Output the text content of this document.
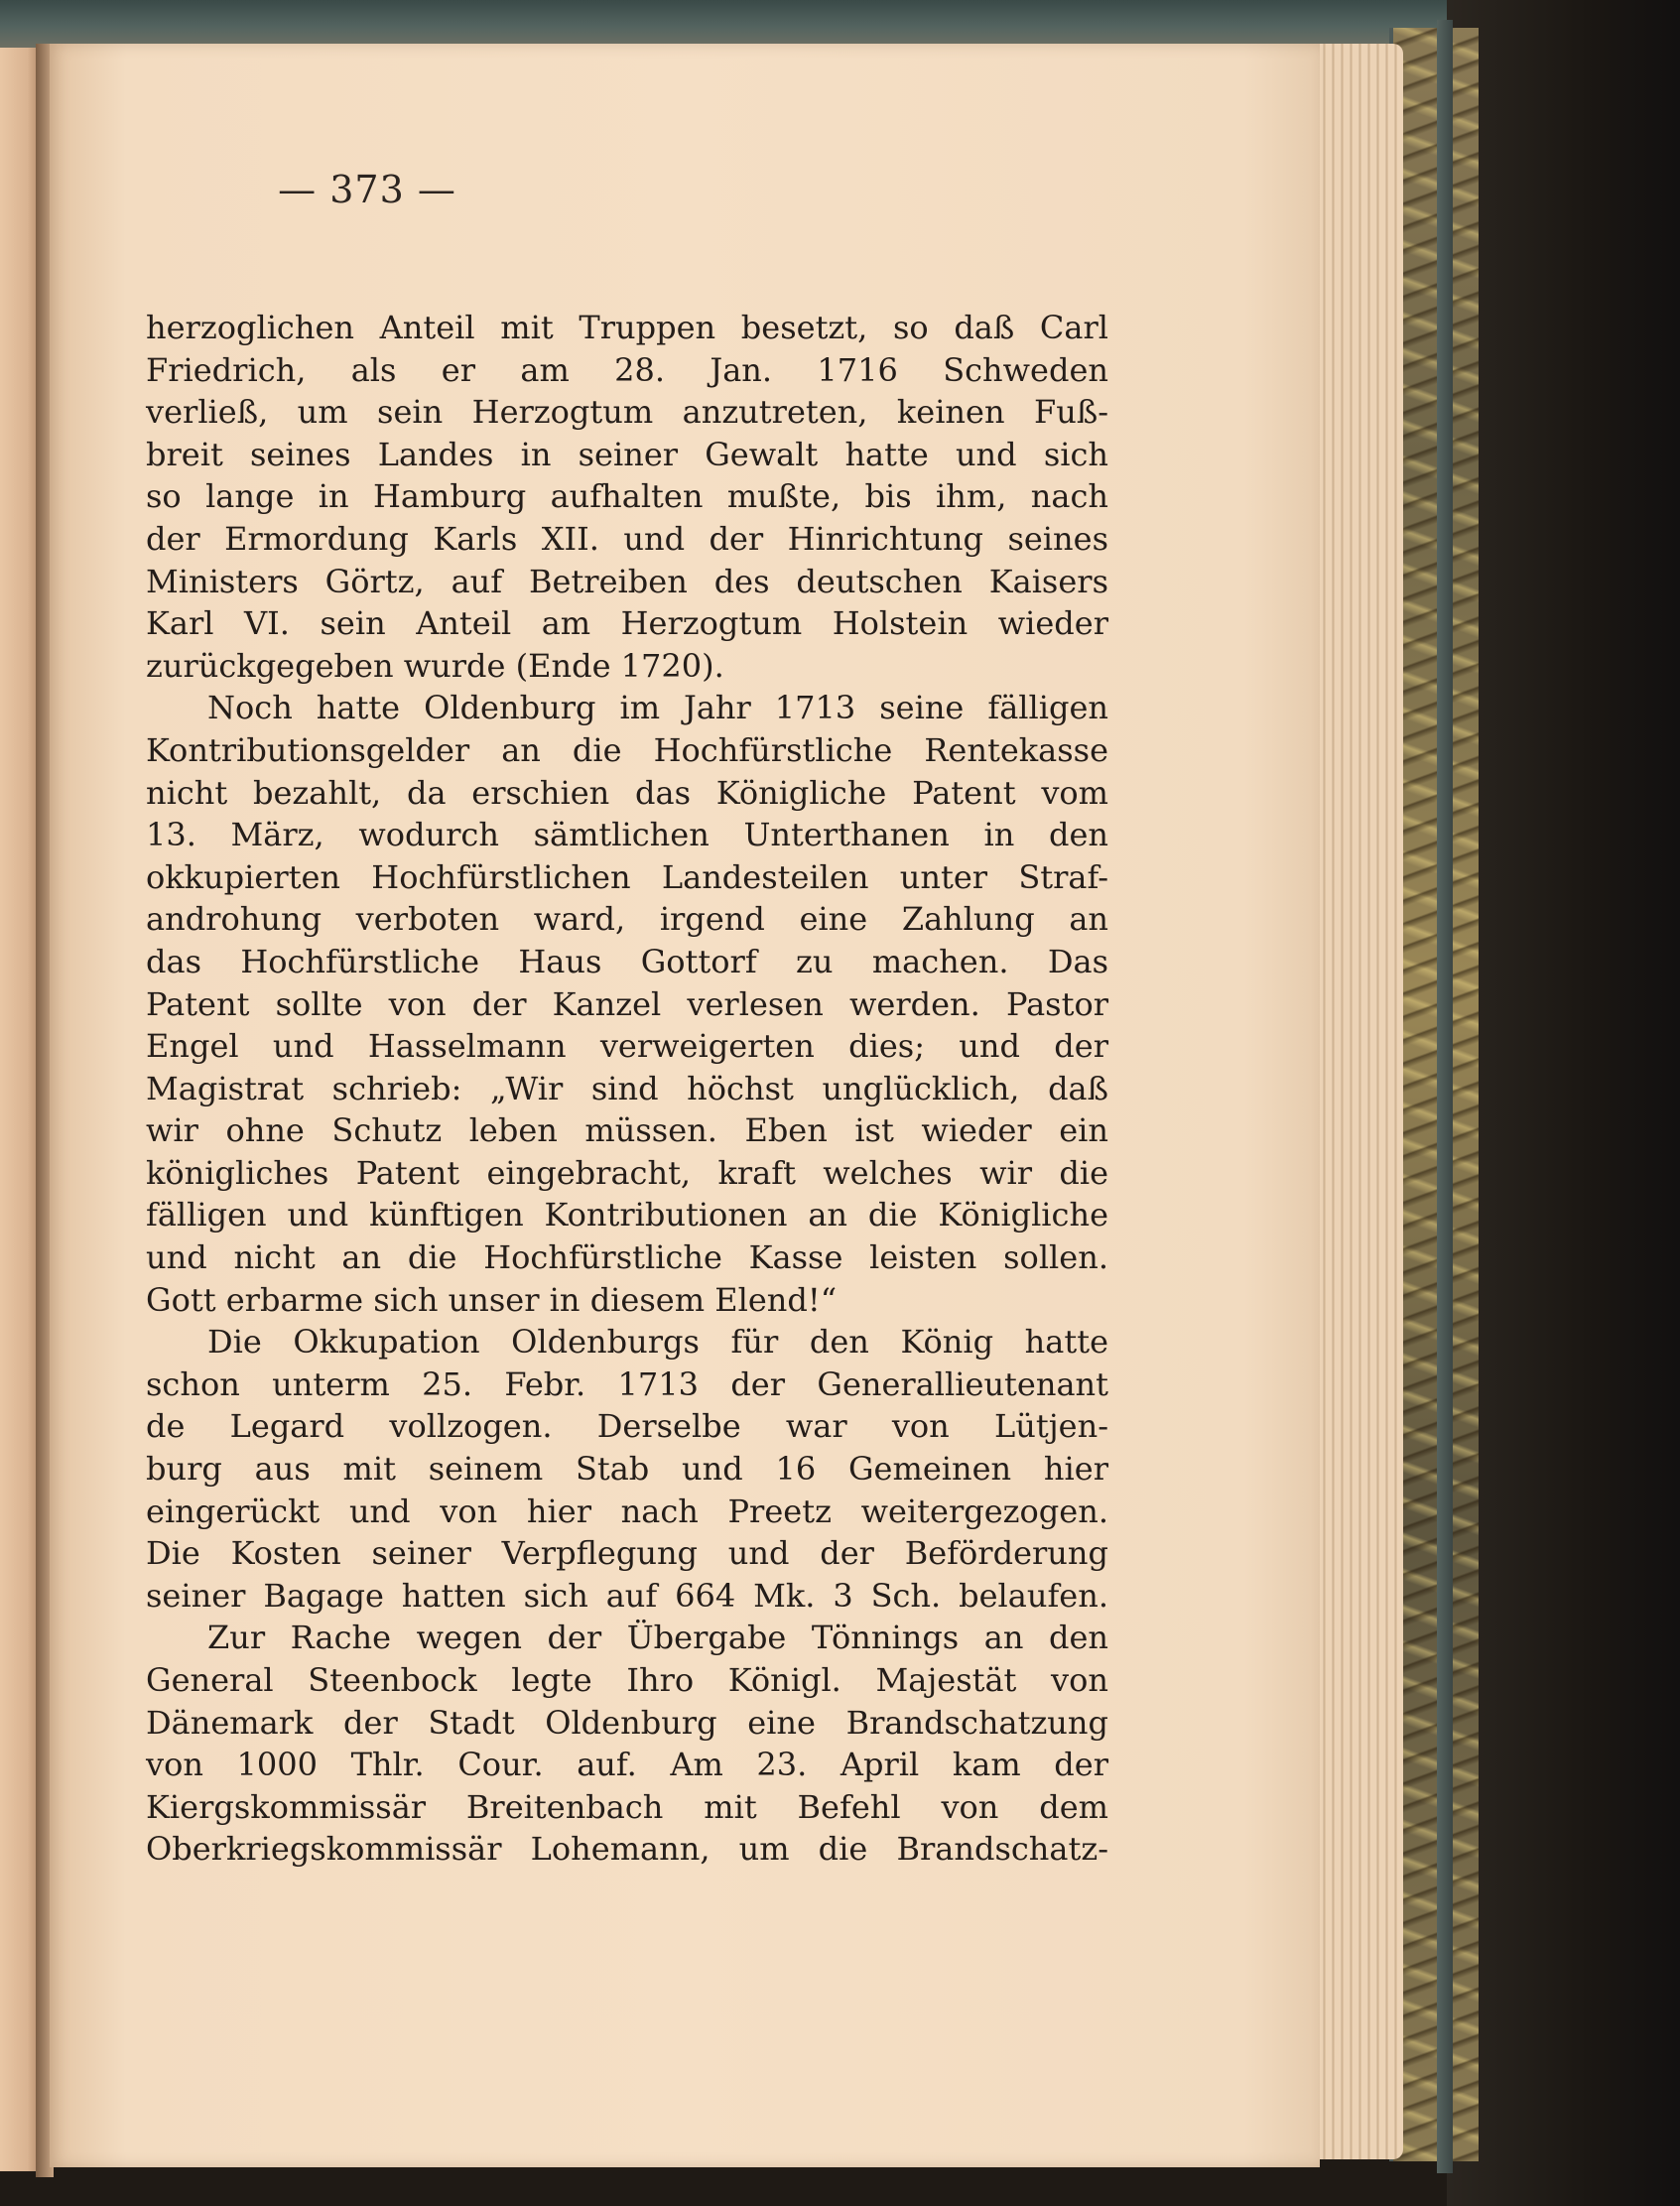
— 373 —
herzoglichen Anteil mit Truppen besetzt, so daß Carl
Friedrich, als er am 28. Jan. 1716 Schweden
verließ, um sein Herzogtum anzutreten, keinen Fuß-
breit seines Landes in seiner Gewalt hatte und sich
so lange in Hamburg aufhalten mußte, bis ihm, nach
der Ermordung Karls XII. und der Hinrichtung seines
Ministers Görtz, auf Betreiben des deutschen Kaisers
Karl VI. sein Anteil am Herzogtum Holstein wieder
zurückgegeben wurde (Ende 1720).
Noch hatte Oldenburg im Jahr 1713 seine fälligen
Kontributionsgelder an die Hochfürstliche Rentekasse
nicht bezahlt, da erschien das Königliche Patent vom
13. März, wodurch sämtlichen Unterthanen in den
okkupierten Hochfürstlichen Landesteilen unter Straf-
androhung verboten ward, irgend eine Zahlung an
das Hochfürstliche Haus Gottorf zu machen. Das
Patent sollte von der Kanzel verlesen werden. Pastor
Engel und Hasselmann verweigerten dies; und der
Magistrat schrieb: „Wir sind höchst unglücklich, daß
wir ohne Schutz leben müssen. Eben ist wieder ein
königliches Patent eingebracht, kraft welches wir die
fälligen und künftigen Kontributionen an die Königliche
und nicht an die Hochfürstliche Kasse leisten sollen.
Gott erbarme sich unser in diesem Elend!“
Die Okkupation Oldenburgs für den König hatte
schon unterm 25. Febr. 1713 der Generallieutenant
de Legard vollzogen. Derselbe war von Lütjen-
burg aus mit seinem Stab und 16 Gemeinen hier
eingerückt und von hier nach Preetz weitergezogen.
Die Kosten seiner Verpflegung und der Beförderung
seiner Bagage hatten sich auf 664 Mk. 3 Sch. belaufen.
Zur Rache wegen der Übergabe Tönnings an den
General Steenbock legte Ihro Königl. Majestät von
Dänemark der Stadt Oldenburg eine Brandschatzung
von 1000 Thlr. Cour. auf. Am 23. April kam der
Kiergskommissär Breitenbach mit Befehl von dem
Oberkriegskommissär Lohemann, um die Brandschatz-
